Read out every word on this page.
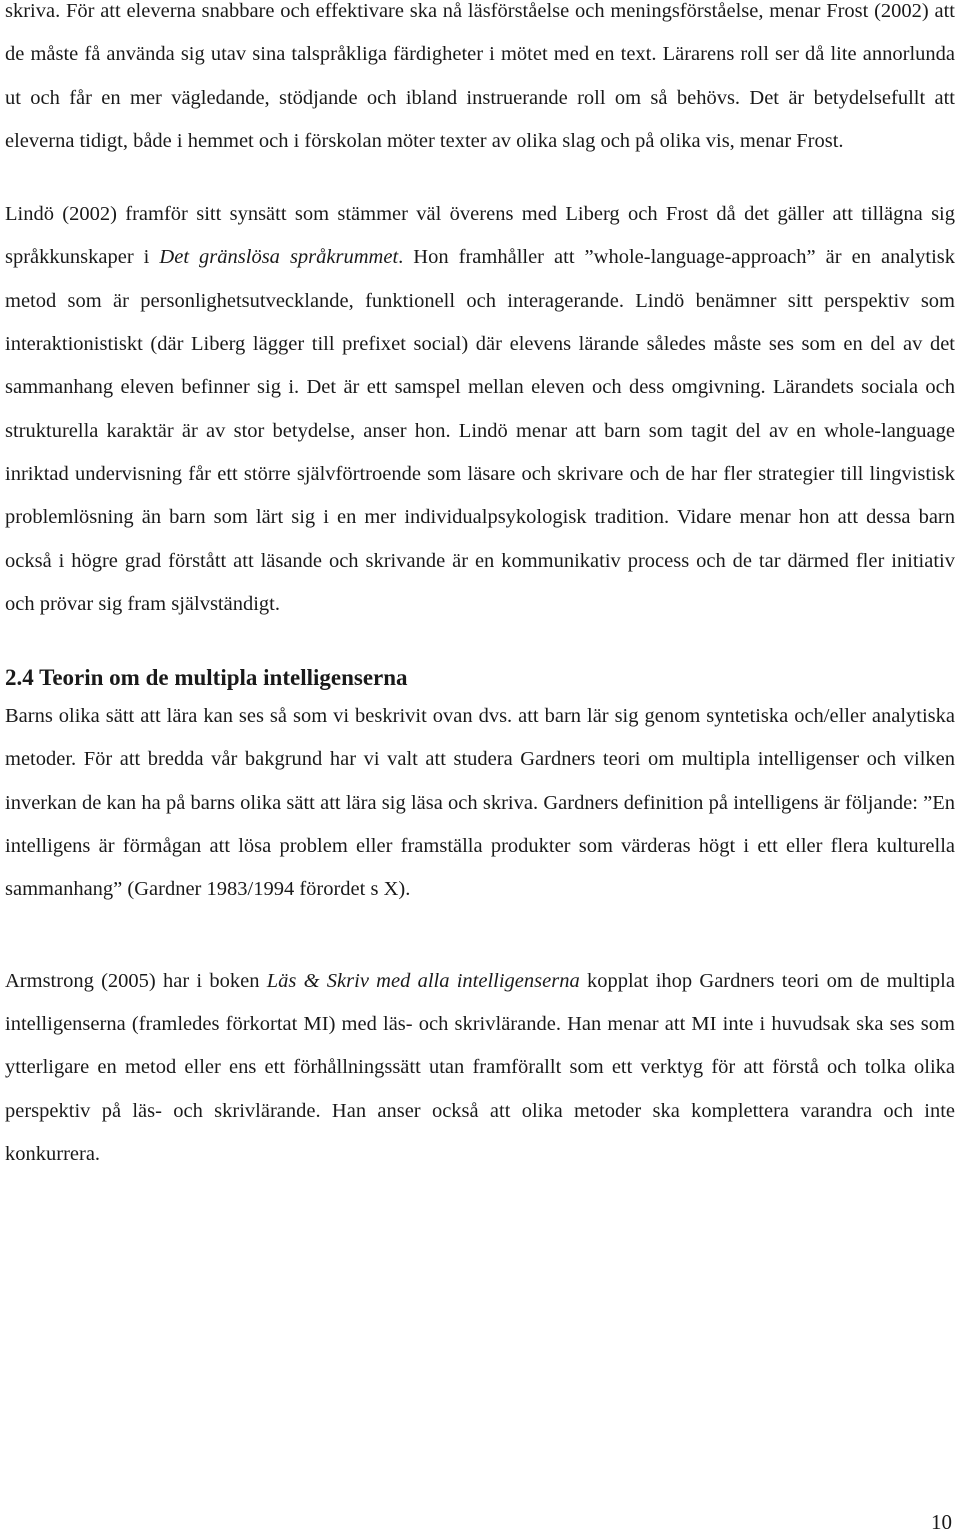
skriva. För att eleverna snabbare och effektivare ska nå läsförståelse och meningsförståelse, menar Frost (2002) att de måste få använda sig utav sina talspråkliga färdigheter i mötet med en text. Lärarens roll ser då lite annorlunda ut och får en mer vägledande, stödjande och ibland instruerande roll om så behövs. Det är betydelsefullt att eleverna tidigt, både i hemmet och i förskolan möter texter av olika slag och på olika vis, menar Frost.

Lindö (2002) framför sitt synsätt som stämmer väl överens med Liberg och Frost då det gäller att tillägna sig språkkunskaper i Det gränslösa språkrummet. Hon framhåller att ”whole-language-approach” är en analytisk metod som är personlighetsutvecklande, funktionell och interagerande. Lindö benämner sitt perspektiv som interaktionistiskt (där Liberg lägger till prefixet social) där elevens lärande således måste ses som en del av det sammanhang eleven befinner sig i. Det är ett samspel mellan eleven och dess omgivning. Lärandets sociala och strukturella karaktär är av stor betydelse, anser hon. Lindö menar att barn som tagit del av en whole-language inriktad undervisning får ett större självförtroende som läsare och skrivare och de har fler strategier till lingvistisk problemlösning än barn som lärt sig i en mer individualpsykologisk tradition. Vidare menar hon att dessa barn också i högre grad förstått att läsande och skrivande är en kommunikativ process och de tar därmed fler initiativ och prövar sig fram självständigt.

2.4 Teorin om de multipla intelligenserna

Barns olika sätt att lära kan ses så som vi beskrivit ovan dvs. att barn lär sig genom syntetiska och/eller analytiska metoder. För att bredda vår bakgrund har vi valt att studera Gardners teori om multipla intelligenser och vilken inverkan de kan ha på barns olika sätt att lära sig läsa och skriva. Gardners definition på intelligens är följande: ”En intelligens är förmågan att lösa problem eller framställa produkter som värderas högt i ett eller flera kulturella sammanhang” (Gardner 1983/1994 förordet s X).

Armstrong (2005) har i boken Läs & Skriv med alla intelligenserna kopplat ihop Gardners teori om de multipla intelligenserna (framledes förkortat MI) med läs- och skrivlärande. Han menar att MI inte i huvudsak ska ses som ytterligare en metod eller ens ett förhållningssätt utan framförallt som ett verktyg för att förstå och tolka olika perspektiv på läs- och skrivlärande. Han anser också att olika metoder ska komplettera varandra och inte konkurrera.

10
